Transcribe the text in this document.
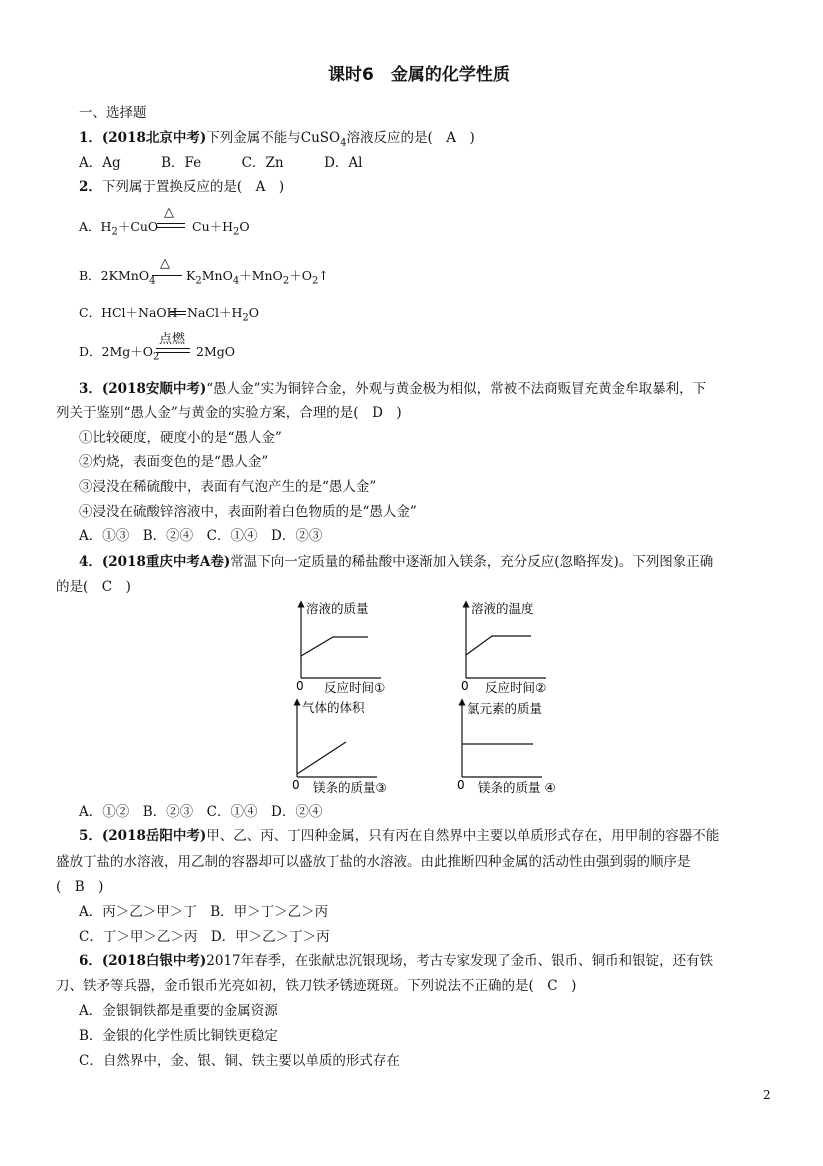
课时6　金属的化学性质
一、选择题
1．(2018北京中考)下列金属不能与CuSO$_4$溶液反应的是(　A　)
A．Ag　　　B．Fe　　　C．Zn　　　D．Al
2．下列属于置换反应的是(　A　)
A．$H_2+CuO$
△
$Cu+H_2O$
B．2KMnO$_4$
△
$K_2MnO_4+MnO_2+O_2↑$
C．HCl＋NaOH $NaCl+H_2O$
D．$2Mg+O_2$
点燃
2MgO
3．(2018安顺中考)“愚人金”实为铜锌合金，外观与黄金极为相似，常被不法商贩冒充黄金牟取暴利，下
列关于鉴别“愚人金”与黄金的实验方案，合理的是(　D　)
①比较硬度，硬度小的是“愚人金”
②灼烧，表面变色的是“愚人金”
③浸没在稀硫酸中，表面有气泡产生的是“愚人金”
④浸没在硫酸锌溶液中，表面附着白色物质的是“愚人金”
A．①③　B．②④　C．①④　D．②③
4．(2018重庆中考A卷)常温下向一定质量的稀盐酸中逐渐加入镁条，充分反应(忽略挥发)。下列图象正确
的是(　C　)
溶液的质量
0 反应时间①
溶液的温度
0 反应时间②
气体的体积
0 镁条的质量③
氯元素的质量
0 镁条的质量 ④
A．①②　B．②③　C．①④　D．②④
5．(2018岳阳中考)甲、乙、丙、丁四种金属，只有丙在自然界中主要以单质形式存在，用甲制的容器不能
盛放丁盐的水溶液，用乙制的容器却可以盛放丁盐的水溶液。由此推断四种金属的活动性由强到弱的顺序是
(　B　)
A．丙＞乙＞甲＞丁　B．甲＞丁＞乙＞丙
C．丁＞甲＞乙＞丙　D．甲＞乙＞丁＞丙
6．(2018白银中考)2017年春季，在张献忠沉银现场，考古专家发现了金币、银币、铜币和银锭，还有铁
刀、铁矛等兵器，金币银币光亮如初，铁刀铁矛锈迹斑斑。下列说法不正确的是(　C　)
A．金银铜铁都是重要的金属资源
B．金银的化学性质比铜铁更稳定
C．自然界中，金、银、铜、铁主要以单质的形式存在
2
